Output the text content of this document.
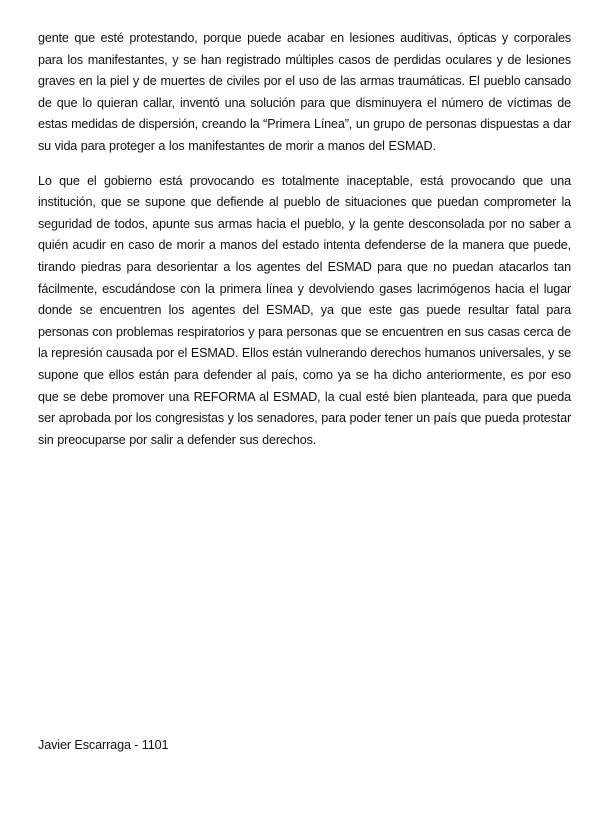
gente que esté protestando, porque puede acabar en lesiones auditivas, ópticas y corporales para los manifestantes, y se han registrado múltiples casos de perdidas oculares y de lesiones graves en la piel y de muertes de civiles por el uso de las armas traumáticas. El pueblo cansado de que lo quieran callar, inventó una solución para que disminuyera el número de víctimas de estas medidas de dispersión, creando la “Primera Línea”, un grupo de personas dispuestas a dar su vida para proteger a los manifestantes de morir a manos del ESMAD.

Lo que el gobierno está provocando es totalmente inaceptable, está provocando que una institución, que se supone que defiende al pueblo de situaciones que puedan comprometer la seguridad de todos, apunte sus armas hacia el pueblo, y la gente desconsolada por no saber a quién acudir en caso de morir a manos del estado intenta defenderse de la manera que puede, tirando piedras para desorientar a los agentes del ESMAD para que no puedan atacarlos tan fácilmente, escudándose con la primera línea y devolviendo gases lacrimógenos hacia el lugar donde se encuentren los agentes del ESMAD, ya que este gas puede resultar fatal para personas con problemas respiratorios y para personas que se encuentren en sus casas cerca de la represión causada por el ESMAD. Ellos están vulnerando derechos humanos universales, y se supone que ellos están para defender al país, como ya se ha dicho anteriormente, es por eso que se debe promover una REFORMA al ESMAD, la cual esté bien planteada, para que pueda ser aprobada por los congresistas y los senadores, para poder tener un país que pueda protestar sin preocuparse por salir a defender sus derechos.

Javier Escarraga - 1101
